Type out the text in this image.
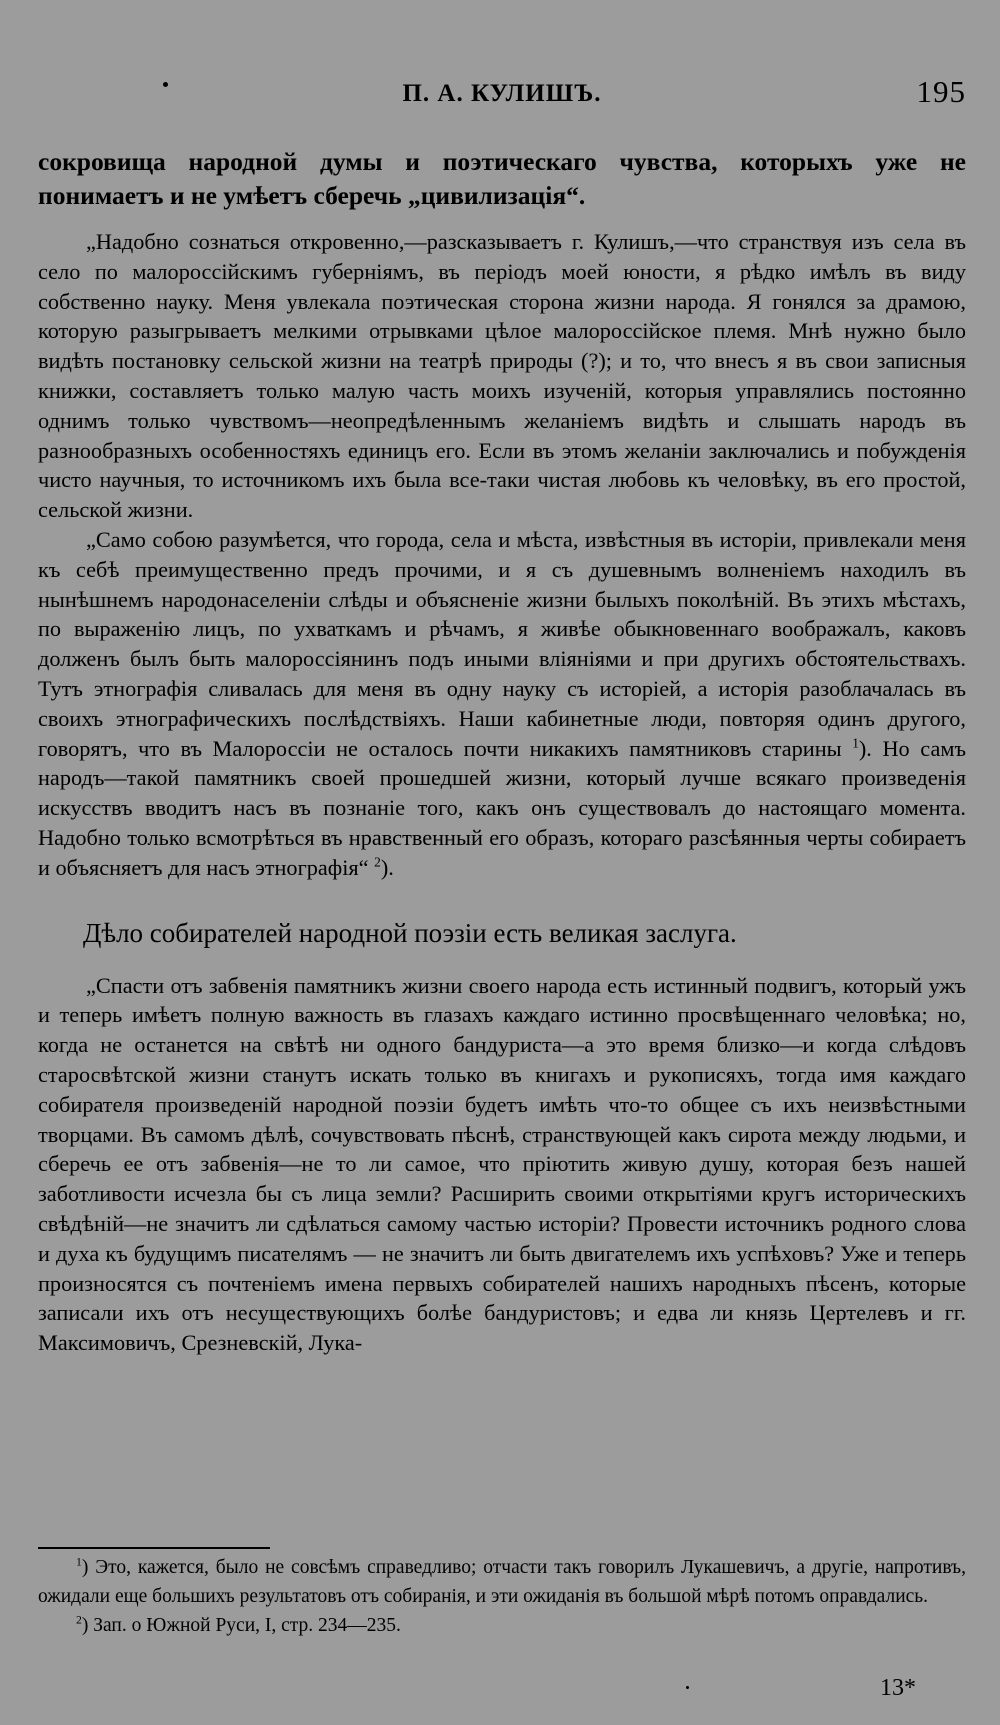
П. А. КУЛИШЪ.	195

сокровища народной думы и поэтическаго чувства, которыхъ уже не понимаетъ и не умѣетъ сберечь „цивилизація“.

„Надобно сознаться откровенно,—разсказываетъ г. Кулишъ,—что странствуя изъ села въ село по малороссійскимъ губерніямъ, въ періодъ моей юности, я рѣдко имѣлъ въ виду собственно науку. Меня увлекала поэтическая сторона жизни народа. Я гонялся за драмою, которую разыгрываетъ мелкими отрывками цѣлое малороссійское племя. Мнѣ нужно было видѣть постановку сельской жизни на театрѣ природы (?); и то, что внесъ я въ свои записныя книжки, составляетъ только малую часть моихъ изученій, которыя управлялись постоянно однимъ только чувствомъ—неопредѣленнымъ желаніемъ видѣть и слышать народъ въ разнообразныхъ особенностяхъ единицъ его. Если въ этомъ желаніи заключались и побужденія чисто научныя, то источникомъ ихъ была все-таки чистая любовь къ человѣку, въ его простой, сельской жизни.

„Само собою разумѣется, что города, села и мѣста, извѣстныя въ исторіи, привлекали меня къ себѣ преимущественно предъ прочими, и я съ душевнымъ волненіемъ находилъ въ нынѣшнемъ народонаселеніи слѣды и объясненіе жизни былыхъ поколѣній. Въ этихъ мѣстахъ, по выраженію лицъ, по ухваткамъ и рѣчамъ, я живѣе обыкновеннаго воображалъ, каковъ долженъ былъ быть малороссіянинъ подъ иными вліяніями и при другихъ обстоятельствахъ. Тутъ этнографія сливалась для меня въ одну науку съ исторіей, а исторія разоблачалась въ своихъ этнографическихъ послѣдствіяхъ. Наши кабинетные люди, повторяя одинъ другого, говорятъ, что въ Малороссіи не осталось почти никакихъ памятниковъ старины $^1$). Но самъ народъ—такой памятникъ своей прошедшей жизни, который лучше всякаго произведенія искусствъ вводитъ насъ въ познаніе того, какъ онъ существовалъ до настоящаго момента. Надобно только всмотрѣться въ нравственный его образъ, котораго разсѣянныя черты собираетъ и объясняетъ для насъ этнографія“ $^2$).

Дѣло собирателей народной поэзіи есть великая заслуга.

„Спасти отъ забвенія памятникъ жизни своего народа есть истинный подвигъ, который ужъ и теперь имѣетъ полную важность въ глазахъ каждаго истинно просвѣщеннаго человѣка; но, когда не останется на свѣтѣ ни одного бандуриста—а это время близко—и когда слѣдовъ старосвѣтской жизни станутъ искать только въ книгахъ и рукописяхъ, тогда имя каждаго собирателя произведеній народной поэзіи будетъ имѣть что-то общее съ ихъ неизвѣстными творцами. Въ самомъ дѣлѣ, сочувствовать пѣснѣ, странствующей какъ сирота между людьми, и сберечь ее отъ забвенія—не то ли самое, что пріютить живую душу, которая безъ нашей заботливости исчезла бы съ лица земли? Расширить своими открытіями кругъ историческихъ свѣдѣній—не значитъ ли сдѣлаться самому частью исторіи? Провести источникъ родного слова и духа къ будущимъ писателямъ — не значитъ ли быть двигателемъ ихъ успѣховъ? Уже и теперь произносятся съ почтеніемъ имена первыхъ собирателей нашихъ народныхъ пѣсенъ, которые записали ихъ отъ несуществующихъ болѣе бандуристовъ; и едва ли князь Цертелевъ и гг. Максимовичъ, Срезневскій, Лука-

$^1$) Это, кажется, было не совсѣмъ справедливо; отчасти такъ говорилъ Лукашевичъ, а другіе, напротивъ, ожидали еще большихъ результатовъ отъ собиранія, и эти ожиданія въ большой мѣрѣ потомъ оправдались.

$^2$) Зап. о Южной Руси, I, стр. 234—235.

13*
